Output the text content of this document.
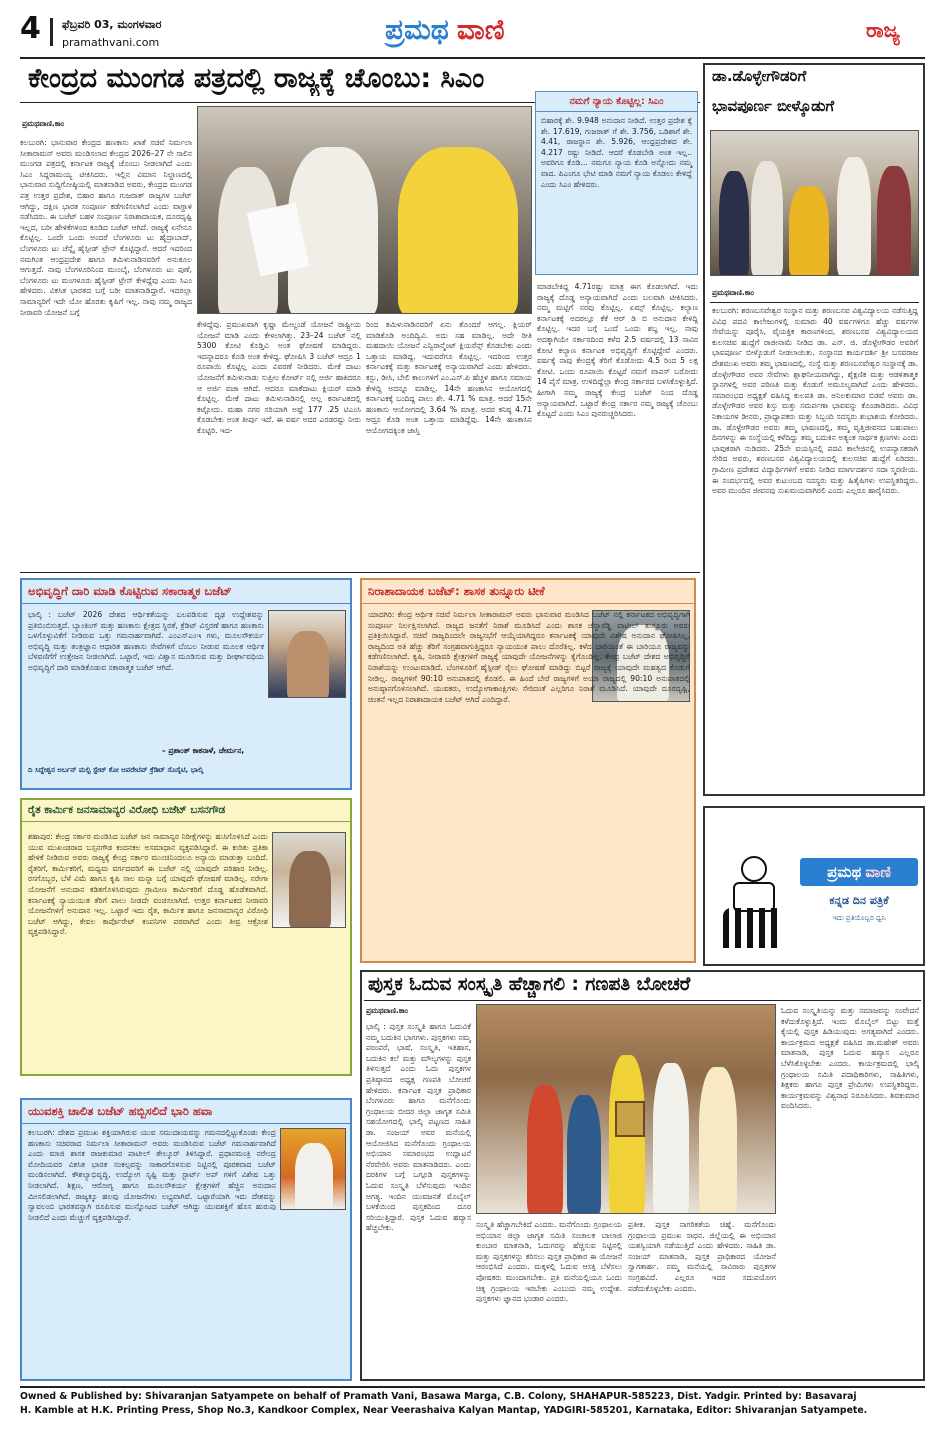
4 ಫೆಬ್ರವರಿ 03, ಮಂಗಳವಾರ
pramathvani.com	ಪ್ರಮಥ ವಾಣಿ	ರಾಜ್ಯ
ಕೇಂದ್ರದ ಮುಂಗಡ ಪತ್ರದಲ್ಲಿ ರಾಜ್ಯಕ್ಕೆ ಚೊಂಬು: ಸಿಎಂ
ಪ್ರಮಥವಾಣಿ.ಕಾಂ
ಕಲಬುರಗಿ: ಭಾನುವಾರ ಕೇಂದ್ರದ ಹಣಕಾಸು ಖಾತೆ ಸಚಿವೆ ನಿರ್ಮಲಾ ಸೀತಾರಾಮನ್ ಅವರು ಮಂಡಿಸಲಾದ ಕೇಂದ್ರದ 2026–27 ನೇ ಸಾಲಿನ ಮುಂಗಡ ಪತ್ರದಲ್ಲಿ ಕರ್ನಾಟಕ ರಾಜ್ಯಕ್ಕೆ ಚೊಂಬು ನೀಡಲಾಗಿದೆ ಎಂದು ಸಿಎಂ ಸಿದ್ದರಾಮಯ್ಯ ಟೀಕಿಸಿದರು. ಇಲ್ಲಿನ ವಿಮಾನ ನಿಲ್ದಾಣದಲ್ಲಿ ಭಾನುವಾರ ಸುದ್ದಿಗೋಷ್ಠಿಯಲ್ಲಿ ಮಾತನಾಡಿದ ಅವರು, ಕೇಂದ್ರದ ಮುಂಗಡ ಪತ್ರ ಉತ್ತರ ಪ್ರದೇಶ, ಬಿಹಾರ ಹಾಗೂ ಗುಜರಾತ್ ರಾಜ್ಯಗಳ ಬಜೆಟ್ ಆಗಿದ್ದು, ದಕ್ಷಿಣ ಭಾರತ ಸಂಪೂರ್ಣ ಕಡೆಗಣಿಸಲಾಗಿದೆ ಎಂದು ವಾಗ್ದಾಳಿ ನಡೆಸಿದರು. ಈ ಬಜೆಟ್ ಬಹಳ ಸಂಪೂರ್ಣ ನಿರಾಶಾದಾಯಕ, ದೂರದೃಷ್ಟಿ ಇಲ್ಲದ, ಬರೀ ಹೇಳಿಕೆಗಳಿಂದ ಕೂಡಿದ ಬಜೆಟ್ ಆಗಿದೆ. ರಾಜ್ಯಕ್ಕೆ ಏನೇನೂ ಕೊಟ್ಟಿಲ್ಲ. ಒಂದೇ ಒಂದು ಅಂದರೆ ಬೆಂಗಳೂರು ಟು ಹೈದ್ರಾಬಾದ್, ಬೆಂಗಳೂರು ಟು ಚೆನ್ನೈ ಹೈಸ್ಪೀಡ್ ಟ್ರೇನ್ ಕೊಟ್ಟಿದ್ದಾರೆ. ಆದರೆ ಇದರಿಂದ ನಮಗಿಂತ ಆಂಧ್ರಪ್ರದೇಶ ಹಾಗೂ ತಮಿಳುನಾಡಿನವರಿಗೆ ಅನುಕೂಲ ಆಗುತ್ತದೆ. ನಾವು ಬೆಂಗಳೂರಿನಿಂದ ಮುಂಬೈ, ಬೆಂಗಳೂರು ಟು ಪುಣೆ, ಬೆಂಗಳೂರು ಟು ಮಂಗಳೂರು ಹೈಸ್ಪೀಡ್ ಟ್ರೇನ್ ಕೇಳಿದ್ದೆವು ಎಂದು ಸಿಎಂ ಹೇಳಿದರು. ವಿಕಸಿತ ಭಾರತದ ಬಗ್ಗೆ ಬರೀ ಮಾತನಾಡಿದ್ದಾರೆ. ಇದರಲ್ಲಾ ಸಾಮಾನ್ಯರಿಗೆ ಇದೇ ಯೋ ಹೊರತು ಕೃಷಿಗೆ ಇಲ್ಲ. ನಾವು ನಮ್ಮ ರಾಜ್ಯದ ನೀರಾವರಿ ಯೋಜನೆ ಬಗ್ಗೆ
ಕೇಳಿದ್ದೆವು. ಪ್ರಮುಖವಾಗಿ ಕೃಷ್ಣಾ ಮೇಲ್ದಂಡೆ ಯೋಜನೆ ರಾಷ್ಟ್ರೀಯ ಯೋಜನೆ ಮಾಡಿ ಎಂದು ಕೇಳಲಾಗಿತ್ತು. 23–24 ಬಜೆಟ್ ನಲ್ಲಿ 5300 ಕೋಟಿ ಕೊಡ್ತಿವಿ ಅಂತ ಘೋಷಣೆ ಮಾಡಿದ್ದರು. ಇದನ್ನಾದರೂ ಕೊಡಿ ಅಂತ ಕೇಳಿದ್ದ. ಘೋಷಿಸಿ 3 ಬಜೆಟ್ ಆದ್ರೂ 1 ರೂಪಾಯಿ ಕೊಟ್ಟಿಲ್ಲ ಎಂದು ವಿವರಣೆ ನೀಡಿದರು. ಮೇಕೆ ದಾಟು ಯೋಜನೆಗೆ ತಮಿಳುನಾಡು ಸುಪ್ರೀಂ ಕೋರ್ಟ್ ನಲ್ಲಿ ಅರ್ಜಿ ಹಾಕಿದರೂ ಆ ಅರ್ಜಿ ವಜಾ ಆಗಿದೆ. ಆದರೂ ಮಾಕೆದಾಟು ಕ್ಲಿಯರ್ ಮಾಡಿ ಕೊಟ್ಟಿಲ್ಲ. ಮೇಕೆ ದಾಟು ತಮಿಳುನಾಡಿನಲ್ಲಿ ಅಲ್ಲ ಕರ್ನಾಟಕದಲ್ಲಿ ಕಟ್ಟೋದು. ಮಹಾ ನಗರ ಸರಿಯಾಗಿ ಅಷ್ಟೆ 177 .25 ಟಿಎಂಸಿ ಕೊಡಬೇಕು ಅಂತ ತೀರ್ಪು ಇದೆ. ಈ ವರ್ಷ ಅದರ ಎರಡರಷ್ಟು ನೀರು ಕೊಟ್ಟಿರಿ. ಇದ-
ರಿಂದ ತಮಿಳುನಾಡಿನವರಿಗೆ ಏನು ತೊಂದರೆ ಆಗಲ್ಲ. ಕ್ಲಿಯರ್ ಮಾಡಿಕೊಡಿ ಅಂದಿದ್ವಿವಿ. ಅದು ಸಹ ಮಾಡಿಲ್ಲ. ಅದೇ ರೀತಿ ಮಹದಾಯಿ ಯೋಜನೆ ಎನ್ವಿರಾನ್ಮೆಂಟ್ ಕ್ಲಿಯರೆನ್ಸ್ ಕೊಡಬೇಕು ಎಂದು ಒತ್ತಾಯ ಮಾಡಿದ್ದ. ಇದುವರೆಗೂ ಕೊಟ್ಟಿಲ್ಲ. ಇದರಿಂದ ಉತ್ತರ ಕರ್ನಾಟಕಕ್ಕೆ ಮತ್ತು ಕರ್ನಾಟಕಕ್ಕೆ ಅನ್ಯಾಯವಾಗಿದೆ ಎಂದು ಹೇಳಿದರು. ಕಸ್ಟು, ಡೀಸಿ, ಬೇಲಿ ಕಾಲುಗಳಿಗೆ ಎಂ.ಎಸ್.ಪಿ ಹೆಚ್ಚಳ ಹಾಗೂ ಸಮಾಯ ಕೇಳಿದ್ದಿ ಅದನ್ನೂ ಮಾಡಿಲ್ಲ. 14ನೇ ಹಣಕಾಸಿನ ಆಯೋಗದಲ್ಲಿ ಕರ್ನಾಟಕಕ್ಕೆ ಬಂದಿದ್ದ ಪಾಲು ಶೇ. 4.71 % ಮಾತ್ರ. ಆದರೆ 15ನೇ ಹಣಕಾಸು ಆಯೋಗದಲ್ಲಿ 3.64 % ಮಾತ್ರ. ಅದರ ಕನಿಷ್ಠ 4.71 ಆದ್ರೂ ಕೊಡಿ ಅಂತ ಒತ್ತಾಯ ಮಾಡಿದ್ದೆವು. 14ನೇ ಹಣಕಾಸಿನ ಆಯೋಗದಕ್ಕಿಂತ ಜಾಸ್ತಿ
ನಮಗೆ ನ್ಯಾಯ ಕೊಟ್ಟಿಲ್ಲ: ಸಿಎಂ
ಬಿಹಾರಕ್ಕೆ ಶೇ. 9.948 ಅನುದಾನ ನೀಡಿದೆ. ಉತ್ತರ ಪ್ರದೇಶ ಕ್ಕೆ ಶೇ. 17.619, ಗುಜರಾತ್ ಗೆ ಶೇ. 3.756, ಒಡಿಶಾಗೆ ಶೇ. 4.41, ರಾಜಸ್ಥಾನ ಶೇ. 5.926, ಆಂಧ್ರಪ್ರದೇಶದ ಶೇ. 4.217 ರಷ್ಟು ನೀಡಿದೆ. ಆದರೆ ಕೊಡಬೇಡಿ ಅಂತ ಇಲ್ಲ.. ಅವರಿಗೂ ಕೊಡಿ... ನಮಗೂ ನ್ಯಾಯ ಕೊಡಿ ಅನ್ನೋದು ನಮ್ಮ ವಾದ. ಪಿಎಂಗೂ ಭೇಟಿ ಮಾಡಿ ನಮಗೆ ನ್ಯಾಯ ಕೊಡಲು ಕೇಳಿದ್ದೆ ಎಂದು ಸಿಎಂ ಹೇಳಿದರು.
ಮಾಡಬೇಕಿದ್ದ 4.71ರಷ್ಟು ಮಾತ್ರ ಈಗ ಕೊಡಲಾಗಿದೆ. ಇದು ರಾಜ್ಯಕ್ಕೆ ದೊಡ್ಡ ಅನ್ಯಾಯವಾಗಿದೆ ಎಂದು ಬಲವಾಗಿ ಟೀಕಿಸಿದರು. ನಮ್ಮ ಮಟ್ಟಿಗೆ ನರವು ಕೊಟ್ಟಿಲ್ಲ. ಏಮ್ಸ್ ಕೊಟ್ಟಿಲ್ಲ. ಕಲ್ಯಾಣ ಕರ್ನಾಟಕಕ್ಕೆ ಅದರಲ್ಲೂ ಕೆಕೆ ಆರ್ ಡಿ ಬಿ ಅನುದಾನ ಕೇಳಿದ್ದಿ ಕೊಟ್ಟಿಲ್ಲ. ಇದರ ಬಗ್ಗೆ ಒಂದೆ ಒಂದು ಶಬ್ದ ಇಲ್ಲ. ನಾವು ಅದಕ್ಕಾಗಿಯೇ ಸರ್ಕಾರದಿಂದ ಕಳೆದ 2.5 ವರ್ಷದಲ್ಲಿ 13 ಸಾವಿರ ಕೋಟಿ ಕಲ್ಯಾಣ ಕರ್ನಾಟಕ ಅಭಿವೃದ್ಧಿಗೆ ಕೊಟ್ಟಿದ್ದೇವೆ ಎಂದರು. ವರ್ಷಕ್ಕೆ ನಾವು ಕೇಂದ್ರಕ್ಕೆ ತೆರಿಗೆ ಕೊಡೋದು 4.5 ರಿಂದ 5 ಲಕ್ಷ ಕೋಟಿ. ಒಂದು ರೂಪಾಯಿ ಕೊಟ್ಟರೆ ನಮಗೆ ವಾಪಸ್ ಬರೋದು 14 ಪೈಸೆ ಮಾತ್ರ. ಉಳಿದಿದ್ದೆಲ್ಲಾ ಕೇಂದ್ರ ಸರ್ಕಾರದ ಬಳಸಿಕೊಳ್ಳುತ್ತಿದೆ. ಹೀಗಾಗಿ ನಮ್ಮ ರಾಜ್ಯಕ್ಕೆ ಕೇಂದ್ರ ಬಜೆಟ್ ನಿಂದ ದೊಡ್ಡ ಅನ್ಯಾಯವಾಗಿದೆ. ಒಟ್ಟಾರೆ ಕೇಂದ್ರ ಸರ್ಕಾರ ನಮ್ಮ ರಾಜ್ಯಕ್ಕೆ ಚೊಂಬು ಕೊಟ್ಟದೆ ಎಂದು ಸಿಎಂ ಪುನರುಚ್ಚರಿಸಿದರು.
ಡಾ.ಡೊಳ್ಳೇಗೌಡರಿಗೆ
ಭಾವಪೂರ್ಣ ಬೀಳ್ಕೊಡುಗೆ
ಪ್ರಮಥವಾಣಿ.ಕಾಂ
ಕಲಬುರಗಿ: ಶರಣಬಸವೇಶ್ವರ ಸಂಸ್ಥಾನ ಮತ್ತು ಶರಣಬಸವ ವಿಶ್ವವಿದ್ಯಾಲಯ ನಡೆಸುತ್ತಿದ್ದ ವಿವಿಧ ಪದವಿ ಕಾಲೇಜುಗಳಲ್ಲಿ ಸುಮಾರು 40 ವರ್ಷಗಳಿಗೂ ಹೆಚ್ಚು ವರ್ಷಗಳ ಸೇವೆಯನ್ನು ಪೂರೈಸಿ, ವೈಯಕ್ತಿಕ ಕಾರಣಗಳಿಂದ, ಶರಣಬಸವ ವಿಶ್ವವಿದ್ಯಾಲಯದ ಕುಲಸಚಿವ ಹುದ್ದೆಗೆ ರಾಜೀನಾಮೆ ನೀಡಿದ ಡಾ. ಎಸ್. ಜಿ. ಡೊಳ್ಳೇಗೌಡರ ಅವರಿಗೆ ಭಾವಪೂರ್ಣ ಬೀಳ್ಕೊಡುಗೆ ನೀಡಲಾಯಿತು. ಸಂಸ್ಥಾನದ ಕಾರ್ಯದರ್ಶಿ ಶ್ರೀ ಬಸವರಾಜ ದೇಶಮುಖ ಅವರು ತಮ್ಮ ಭಾಷಣದಲ್ಲಿ, ಸಂಸ್ಥೆ ಮತ್ತು ಶರಣಬಸವೇಶ್ವರ ಸಂಸ್ಥಾನಕ್ಕೆ ಡಾ. ಡೊಳ್ಳೇಗೌಡರ ಅವರ ಸೇವೆಗಳು ಶ್ಲಾಘನೀಯವಾಗಿದ್ದು, ಶೈಕ್ಷಣಿಕ ಮತ್ತು ಆಡಳಿತಾತ್ಮಕ ಸ್ಥಾನಗಳಲ್ಲಿ ಅವರ ಪರಿಣತಿ ಮತ್ತು ಕೊಡುಗೆ ಅಮೂಲ್ಯವಾಗಿದೆ ಎಂದು ಹೇಳಿದರು. ಸಮಾರಂಭದ ಅಧ್ಯಕ್ಷತೆ ವಹಿಸಿದ್ದ ಕುಲಪತಿ ಡಾ. ಅನಿಲಕುಮಾರ ಬಿಡವೆ ಅವರು ಡಾ. ಡೊಳ್ಳೇಗೌಡರ ಅವರ ಶಿಸ್ತು ಮತ್ತು ಸಮರ್ಪಣಾ ಭಾವವನ್ನು ಕೊಂಡಾಡಿದರು. ವಿವಿಧ ನಿಕಾಯಗಳ ಡೀನರು, ಪ್ರಾಧ್ಯಾಪಕರು ಮತ್ತು ಸಿಬ್ಬಂದಿ ಸದಸ್ಯರು ಶುಭಾಶಯ ಕೋರಿದರು. ಡಾ. ಡೊಳ್ಳೇಗೌಡರ ಅವರು ತಮ್ಮ ಭಾಷಣದಲ್ಲಿ, ತಮ್ಮ ವೃತ್ತಿಜೀವನದ ಬಹುಪಾಲು ದಿನಗಳನ್ನು ಈ ಸಂಸ್ಥೆಯಲ್ಲಿ ಕಳೆದಿದ್ದು ತಮ್ಮ ಬದುಕಿನ ಅತ್ಯಂತ ಸಾರ್ಥಕ ಕ್ಷಣಗಳು ಎಂದು ಭಾವುಕರಾಗಿ ನುಡಿದರು. 25ನೇ ವಯಸ್ಸಿನಲ್ಲಿ ಪದವಿ ಕಾಲೇಜಿನಲ್ಲಿ ಉಪನ್ಯಾಸಕರಾಗಿ ಸೇರಿದ ಅವರು, ಶರಣಬಸವ ವಿಶ್ವವಿದ್ಯಾಲಯದಲ್ಲಿ ಕುಲಸಚಿವ ಹುದ್ದೆಗೆ ಏರಿದರು. ಗ್ರಾಮೀಣ ಪ್ರದೇಶದ ವಿದ್ಯಾರ್ಥಿಗಳಿಗೆ ಅವರು ನೀಡಿದ ಮಾರ್ಗದರ್ಶನ ಸದಾ ಸ್ಮರಣೀಯ. ಈ ಸಂದರ್ಭದಲ್ಲಿ ಅವರ ಕುಟುಂಬದ ಸದಸ್ಯರು ಮತ್ತು ಹಿತೈಷಿಗಳು ಉಪಸ್ಥಿತರಿದ್ದರು. ಅವರ ಮುಂದಿನ ಜೀವನವು ಸುಖಮಯವಾಗಿರಲಿ ಎಂದು ಎಲ್ಲರೂ ಹಾರೈಸಿದರು.
ಪ್ರಮಥ ವಾಣಿ
ಕನ್ನಡ ದಿನ ಪತ್ರಿಕೆ
ಇದು ಪ್ರತಿಯೊಬ್ಬರ ಧ್ವನಿ
ಅಭಿವೃದ್ಧಿಗೆ ದಾರಿ ಮಾಡಿ ಕೊಟ್ಟಿರುವ ಸಕಾರಾತ್ಮಕ ಬಜೆಟ್
ಭಾಲ್ಕಿ : ಬಜೆಟ್ 2026 ದೇಶದ ಆರ್ಥಿಕತೆಯನ್ನು ಬಲಪಡಿಸುವ ದೃಢ ಉದ್ದೇಶವನ್ನು ಪ್ರತಿಬಿಂಬಿಸುತ್ತದೆ. ಬ್ಯಾಂಕಿಂಗ್ ಮತ್ತು ಹಣಕಾಸು ಕ್ಷೇತ್ರದ ಸ್ಥಿರತೆ, ಕ್ರೆಡಿಟ್ ವಿಸ್ತರಣೆ ಹಾಗೂ ಹಣಕಾಸು ಒಳಗೊಳ್ಳುವಿಕೆಗೆ ನೀಡಿರುವ ಒತ್ತು ಗಮನಾರ್ಹವಾಗಿದೆ. ಎಂಎಸ್ಎಂಇ ಗಳು, ಮೂಲಸೌಕರ್ಯ ಅಭಿವೃದ್ಧಿ ಮತ್ತು ತಂತ್ರಜ್ಞಾನ ಆಧಾರಿತ ಹಣಕಾಸು ಸೇವೆಗಳಿಗೆ ಬೆಂಬಲ ನೀಡುವ ಮೂಲಕ ಆರ್ಥಿಕ ಬೆಳವಣಿಗೆಗೆ ಉತ್ತೇಜನ ನೀಡಲಾಗಿದೆ. ಒಟ್ಟಾರೆ, ಇದು ವಿಶ್ವಾಸ ಮೂಡಿಸುವ ಮತ್ತು ದೀರ್ಘಾವಧಿಯ ಅಭಿವೃದ್ಧಿಗೆ ದಾರಿ ಮಾಡಿಕೊಡುವ ಸಕಾರಾತ್ಮಕ ಬಜೆಟ್ ಆಗಿದೆ.
– ಪ್ರಶಾಂತ್ ಕಾಕನಾಳೆ, ಚೇರ್ಮನ,
ದಿ ಸಿದ್ದೇಶ್ವರ ಅರ್ಬನ್ ಮಲ್ಟಿ ಸ್ಟೇಟ್ ಕೋ ಆಪರೇಟಿವ್ ಕ್ರೆಡಿಟ್ ಸೊಸೈಟಿ, ಭಾಲ್ಕಿ
ರೈತ ಕಾರ್ಮಿಕ ಜನಸಾಮಾನ್ಯರ ವಿರೋಧಿ ಬಜೆಟ್ ಬಸನಗೌಡ
ಶಹಾಪುರ: ಕೇಂದ್ರ ಸರ್ಕಾರ ಮಂಡಿಸಿದ ಬಜೆಟ್ ಜನ ಸಾಮಾನ್ಯರ ನಿರೀಕ್ಷೆಗಳನ್ನು ಹುಸಿಗೊಳಿಸಿದೆ ಎಂದು ಯುವ ಮುಖಂಡರಾದ ಬಸ್ಸನಗೌಡ ಕಂದನಕಲ ಅಸಮಾಧಾನ ವ್ಯಕ್ತಪಡಿಸಿದ್ದಾರೆ. ಈ ಕುರಿತು ಪ್ರತಿಕಾ ಹೇಳಿಕೆ ನೀಡಿರುವ ಅವರು ರಾಜ್ಯಕ್ಕೆ ಕೇಂದ್ರ ಸರ್ಕಾರ ಮುಂಚಿನಿಂದಲೂ ಅನ್ಯಾಯ ಮಾಡುತ್ತಾ ಬಂದಿದೆ. ರೈತರಿಗೆ, ಕಾರ್ಮಿಕರಿಗೆ, ಮಧ್ಯಮ ವರ್ಗದವರಿಗೆ ಈ ಬಜೆಟ್ ನಲ್ಲಿ ಯಾವುದೇ ಪರಿಹಾರ ನೀಡಿಲ್ಲ. ರಸಗೊಬ್ಬರ, ಬೆಳೆ ವಿಮೆ ಹಾಗೂ ಕೃಷಿ ಸಾಲ ಮನ್ನಾ ಬಗ್ಗೆ ಯಾವುದೇ ಘೋಷಣೆ ಮಾಡಿಲ್ಲ. ನರೇಗಾ ಯೋಜನೆಗೆ ಅನುದಾನ ಕಡಿತಗೊಳಿಸಿರುವುದು ಗ್ರಾಮೀಣ ಕಾರ್ಮಿಕರಿಗೆ ದೊಡ್ಡ ಹೊಡೆತವಾಗಿದೆ. ಕರ್ನಾಟಕಕ್ಕೆ ನ್ಯಾಯಯುತ ತೆರಿಗೆ ಪಾಲು ನೀಡದೇ ವಂಚಿಸಲಾಗಿದೆ. ಉತ್ತರ ಕರ್ನಾಟಕದ ನೀರಾವರಿ ಯೋಜನೆಗಳಿಗೆ ಅನುದಾನ ಇಲ್ಲ. ಒಟ್ಟಾರೆ ಇದು ರೈತ, ಕಾರ್ಮಿಕ ಹಾಗೂ ಜನಸಾಮಾನ್ಯರ ವಿರೋಧಿ ಬಜೆಟ್ ಆಗಿದ್ದು, ಕೇವಲ ಕಾರ್ಪೊರೇಟ್ ಕಂಪನಿಗಳ ಪರವಾಗಿದೆ ಎಂದು ತೀವ್ರ ಆಕ್ರೋಶ ವ್ಯಕ್ತಪಡಿಸಿದ್ದಾರೆ.
ಯುವಶಕ್ತಿ ಚಾಲಿತ ಬಜೆಟ್ ಹಬ್ಬಿಸಲಿದೆ ಭಾರಿ ಹವಾ
ಕಲಬುರಗಿ: ದೇಶದ ಪ್ರಮುಖ ಶಕ್ತಿಯಾಗಿರುವ ಯುವ ಸಮುದಾಯವನ್ನು ಗಮನದಲ್ಲಿಟ್ಟುಕೊಂಡು ಕೇಂದ್ರ ಹಣಕಾಸು ಸಚಿವರಾದ ನಿರ್ಮಲಾ ಸೀತಾರಾಮನ್ ಅವರು ಮಂಡಿಸಿರುವ ಬಜೆಟ್ ಗಮನಾರ್ಹವಾಗಿದೆ ಎಂದು ಮಾಜಿ ಶಾಸಕ ರಾಜಕುಮಾರ ಪಾಟೀಲ್ ತೇಲ್ಕೂರ್ ತಿಳಿಸಿದ್ದಾರೆ. ಪ್ರಧಾನಮಂತ್ರಿ ನರೇಂದ್ರ ಮೋದಿಯವರ ವಿಕಸಿತ ಭಾರತ ಸಂಕಲ್ಪವನ್ನು ಸಾಕಾರಗೊಳಿಸುವ ನಿಟ್ಟಿನಲ್ಲಿ ಪೂರಕವಾದ ಬಜೆಟ್ ಮಂಡಿಸಲಾಗಿದೆ. ಕೌಶಲ್ಯಾಭಿವೃದ್ಧಿ, ಉದ್ಯೋಗ ಸೃಷ್ಟಿ ಮತ್ತು ಸ್ಟಾರ್ಟ್ ಅಪ್ ಗಳಿಗೆ ವಿಶೇಷ ಒತ್ತು ನೀಡಲಾಗಿದೆ. ಶಿಕ್ಷಣ, ಆರೋಗ್ಯ ಹಾಗೂ ಮೂಲಸೌಕರ್ಯ ಕ್ಷೇತ್ರಗಳಿಗೆ ಹೆಚ್ಚಿನ ಅನುದಾನ ಮೀಸಲಿಡಲಾಗಿದೆ. ರಾಜ್ಯಕ್ಕೂ ಹಲವು ಯೋಜನೆಗಳು ಲಭ್ಯವಾಗಿವೆ. ಒಟ್ಟಾರೆಯಾಗಿ ಇದು ದೇಶವನ್ನು ಸ್ವಾವಲಂಬಿ ಭಾರತವನ್ನಾಗಿ ರೂಪಿಸುವ ಮುನ್ನೋಟದ ಬಜೆಟ್ ಆಗಿದ್ದು ಯುವಶಕ್ತಿಗೆ ಹೊಸ ಹುರುಪು ನೀಡಲಿದೆ ಎಂದು ಮೆಚ್ಚುಗೆ ವ್ಯಕ್ತಪಡಿಸಿದ್ದಾರೆ.
ನಿರಾಶಾದಾಯಕ ಬಜೆಟ್: ಶಾಸಕ ತುನ್ನೂರು ಟೀಕೆ
ಯಾದಗಿರಿ: ಕೇಂದ್ರ ಆರ್ಥಿಕ ಸಚಿವೆ ನಿರ್ಮಲಾ ಸೀತಾರಾಮನ್ ಅವರು ಭಾನುವಾರ ಮಂಡಿಸಿದ ಬಜೆಟ್ ನಲ್ಲಿ ಕರ್ನಾಟಕದ ಅಭಿವೃದ್ಧಿಗಾಗಿ ಸಂಪೂರ್ಣ ನಿರ್ಲಕ್ಷಿಸಲಾಗಿದೆ. ರಾಜ್ಯದ ಜನತೆಗೆ ನಿರಾಶೆ ಮೂಡಿಸಿದೆ ಎಂದು ಶಾಸಕ ಚೆನ್ನಾರೆಡ್ಡಿ ಪಾಟೀಲ್ ತುನ್ನೂರು ಅವರು ಪ್ರತಿಕ್ರಿಯಿಸಿದ್ದಾರೆ. ಸಚಿವೆ ರಾಜ್ಯದಿಂದಲೇ ರಾಜ್ಯಸಭೆಗೆ ಆಯ್ಕೆಯಾಗಿದ್ದರೂ ಕರ್ನಾಟಕಕ್ಕೆ ಯಾವುದೇ ವಿಶೇಷ ಅನುದಾನ ಘೋಷಿಸಿಲ್ಲ. ರಾಜ್ಯದಿಂದ ಅತಿ ಹೆಚ್ಚು ತೆರಿಗೆ ಸಂಗ್ರಹವಾಗುತ್ತಿದ್ದರೂ ನ್ಯಾಯಯುತ ಪಾಲು ದೊರೆತಿಲ್ಲ. ಕಳೆದ ಬಾರಿಯಂತೆ ಈ ಬಾರಿಯೂ ರಾಜ್ಯವನ್ನು ಕಡೆಗಣಿಸಲಾಗಿದೆ. ಕೃಷಿ, ನೀರಾವರಿ ಕ್ಷೇತ್ರಗಳಿಗೆ ರಾಜ್ಯಕ್ಕೆ ಯಾವುದೇ ಯೋಜನೆಗಳನ್ನು ಕೈಗೊಂಡಿಲ್ಲ. ಕೇಂದ್ರ ಬಜೆಟ್ ದೇಶದ ಅಭಿವೃದ್ಧಿಗೆ ನಿರಾಶೆಯನ್ನು ಉಂಟುಮಾಡಿದೆ. ಬೆಂಗಳೂರಿಗೆ ಹೈಸ್ಪೀಡ್ ರೈಲು ಘೋಷಣೆ ಮಾಡಿದ್ದು ಬಿಟ್ಟರೆ ರಾಜ್ಯಕ್ಕೆ ಯಾವುದೇ ಮಹತ್ವದ ಕೊಡುಗೆ ನೀಡಿಲ್ಲ. ರಾಜ್ಯಗಳಿಗೆ 90:10 ಅನುಪಾತದಲ್ಲಿ ಕೊಡಲಿ. ಈ ಹಿಂದೆ ಬೇರೆ ರಾಜ್ಯಗಳಿಗೆ ಅಯಾ ರಾಜ್ಯದಲ್ಲಿ 90:10 ಅನುಪಾತದಲ್ಲಿ ಅನುಷ್ಠಾನಗೊಳಿಸಲಾಗಿದೆ. ಯುವಕರು, ಉದ್ಯೋಗಾಕಾಂಕ್ಷಿಗಳು ಸೇರಿದಂತೆ ಎಲ್ಲರಿಗೂ ನಿರಾಶೆ ಮೂಡಿಸಿದೆ. ಯಾವುದೇ ದೂರದೃಷ್ಟಿ, ಚಿಂತನೆ ಇಲ್ಲದ ನಿರಾಶಾದಾಯಕ ಬಜೆಟ್ ಆಗಿದೆ ಎಂದಿದ್ದಾರೆ.
ಪುಸ್ತಕ ಓದುವ ಸಂಸ್ಕೃತಿ ಹೆಚ್ಚಾಗಲಿ : ಗಣಪತಿ ಬೋಚರೆ
ಪ್ರಮಥವಾಣಿ.ಕಾಂ
ಭಾಲ್ಕಿ : ಪುಸ್ತಕ ಸಂಸ್ಕೃತಿ ಹಾಗೂ ಓದುವಿಕೆ ನಮ್ಮ ಬದುಕಿನ ಭಾಗಗಳು. ಪುಸ್ತಕಗಳು ನಮ್ಮ ಪರಂಪರೆ, ಭಾಷೆ, ಸಂಸ್ಕೃತಿ, ಇತಿಹಾಸ, ಬದುಕಿನ ಕಲೆ ಮತ್ತು ಮೌಲ್ಯಗಳನ್ನು ಪುಸ್ತಕ ತಿಳಿಸುತ್ತದೆ ಎಂದು ಓದು ಪುಸ್ತಕಗಳ ಪ್ರತಿಷ್ಠಾನದ ಅಧ್ಯಕ್ಷ ಗಣಪತಿ ಬೋಚರೆ ಹೇಳಿದರು. ಕರ್ನಾಟಕ ಪುಸ್ತಕ ಪ್ರಾಧಿಕಾರ ಬೆಂಗಳೂರು ಹಾಗೂ ಮನೆಗೊಂದು ಗ್ರಂಥಾಲಯ ಬೀದರ ಜಿಲ್ಲಾ ಜಾಗೃತ ಸಮಿತಿ ಸಹಯೋಗದಲ್ಲಿ ಭಾಲ್ಕಿ ಪಟ್ಟಣದ ಸಾಹಿತಿ ಡಾ. ಸಂಜಯ್ ಅವರ ಮನೆಯಲ್ಲಿ ಆಯೋಜಿಸಿದ ಮನೆಗೊಂದು ಗ್ರಂಥಾಲಯ ಅಭಿಯಾನ ಸಮಾರಂಭದ ಉದ್ಘಾಟನೆ ನೆರವೇರಿಸಿ ಅವರು ಮಾತನಾಡಿದರು. ಎಂದು ದರಕಿಗಳ ಬಗ್ಗೆ ಒಗ್ಗೂಡಿ ಪುಸ್ತಕಗಳನ್ನು ಓದುವ ಸಂಸ್ಕೃತಿ ಬೆಳೆಸುವುದು ಇಂದಿನ ಅಗತ್ಯ. ಇಂದಿನ ಯುವಜನತೆ ಮೊಬೈಲ್ ಬಳಕೆಯಿಂದ ಪುಸ್ತಕದಿಂದ ದೂರ ಸರಿಯುತ್ತಿದ್ದಾರೆ. ಪುಸ್ತಕ ಓದುವ ಹವ್ಯಾಸ ಹೆಚ್ಚಬೇಕು.	ಸಂಸ್ಕೃತಿ ಹೆಚ್ಚಾಗಬೇಕಿದೆ ಎಂದರು. ಮನೆಗೊಂದು ಗ್ರಂಥಾಲಯ ಅಭಿಯಾನ ಜಿಲ್ಲಾ ಜಾಗೃತ ಸಮಿತಿ ಸಂಚಾಲಕ ಬಾಲಾಜಿ ಕುಂಬಾರ ಮಾತನಾಡಿ, ಓದುಗರನ್ನು ಹೆಚ್ಚಿಸುವ ನಿಟ್ಟಿನಲ್ಲಿ ಮತ್ತು ಪುಸ್ತಕಗಳನ್ನು ಕರಿಸಲು ಪುಸ್ತಕ ಪ್ರಾಧಿಕಾರ ಈ ಯೋಜನೆ ಆರಂಭಿಸಿದೆ ಎಂದರು. ಮಕ್ಕಳಲ್ಲಿ ಓದುವ ಆಸಕ್ತಿ ಬೆಳೆಸಲು ಪೋಷಕರು ಮುಂದಾಗಬೇಕು. ಪ್ರತಿ ಮನೆಯಲ್ಲಿಯೂ ಒಂದು ಚಿಕ್ಕ ಗ್ರಂಥಾಲಯ ಇರಬೇಕು ಎಂಬುದು ನಮ್ಮ ಉದ್ದೇಶ. ಪುಸ್ತಕಗಳು ಜ್ಞಾನದ ಭಂಡಾರ ಎಂದರು.
ಪ್ರತೀಕ. ಪುಸ್ತಕ ನಾಗರಿಕತೆಯ ಚಿಹ್ನೆ. ಮನೆಗೊಂದು ಗ್ರಂಥಾಲಯ ಪ್ರಮುಖ ಸಾಧನ. ಜಿಲ್ಲೆಯಲ್ಲಿ ಈ ಅಭಿಯಾನ ಯಶಸ್ವಿಯಾಗಿ ನಡೆಯುತ್ತಿದೆ ಎಂದು ಹೇಳಿದರು. ಸಾಹಿತಿ ಡಾ. ಸಂಜಯ್ ಮಾತನಾಡಿ, ಪುಸ್ತಕ ಪ್ರಾಧಿಕಾರದ ಯೋಜನೆ ಸ್ವಾಗತಾರ್ಹ. ನಮ್ಮ ಮನೆಯಲ್ಲಿ ಸಾವಿರಾರು ಪುಸ್ತಕಗಳ ಸಂಗ್ರಹವಿದೆ. ಎಲ್ಲರೂ ಇದರ ಸದುಪಯೋಗ ಪಡೆದುಕೊಳ್ಳಬೇಕು ಎಂದರು.
ಓದುವ ಸಂಸ್ಕೃತಿಯನ್ನು ಮತ್ತು ಸಮಾಜವನ್ನು ಸಂವೇದನೆ ಕಳೆದುಕೊಳ್ಳುತ್ತಿದೆ. ಇಂದು ಮೊಬೈಲ್ ಬಿಟ್ಟು ಮತ್ತೆ ಕೈಯಲ್ಲಿ ಪುಸ್ತಕ ಹಿಡಿಯುವುದು ಅಗತ್ಯವಾಗಿದೆ ಎಂದರು. ಕಾರ್ಯಕ್ರಮದ ಅಧ್ಯಕ್ಷತೆ ವಹಿಸಿದ ಡಾ.ಮಹೇಶ್ ಅವರು ಮಾತನಾಡಿ, ಪುಸ್ತಕ ಓದುವ ಹವ್ಯಾಸ ಎಲ್ಲರೂ ಬೆಳೆಸಿಕೊಳ್ಳಬೇಕು ಎಂದರು. ಕಾರ್ಯಕ್ರಮದಲ್ಲಿ ಭಾಲ್ಕಿ ಗ್ರಂಥಾಲಯ ಸಮಿತಿ ಪದಾಧಿಕಾರಿಗಳು, ಸಾಹಿತಿಗಳು, ಶಿಕ್ಷಕರು ಹಾಗೂ ಪುಸ್ತಕ ಪ್ರೇಮಿಗಳು ಉಪಸ್ಥಿತರಿದ್ದರು. ಕಾರ್ಯಕ್ರಮವನ್ನು ವಿಶ್ವನಾಥ ನಿರೂಪಿಸಿದರು. ಶಿವಕುಮಾರ ವಂದಿಸಿದರು.
Owned & Published by: Shivaranjan Satyampete on behalf of Pramath Vani, Basawa Marga, C.B. Colony, SHAHAPUR-585223, Dist. Yadgir. Printed by: Basavaraj
H. Kamble at H.K. Printing Press, Shop No.3, Kandkoor Complex, Near Veerashaiva Kalyan Mantap, YADGIRI-585201, Karnataka, Editor: Shivaranjan Satyampete.
